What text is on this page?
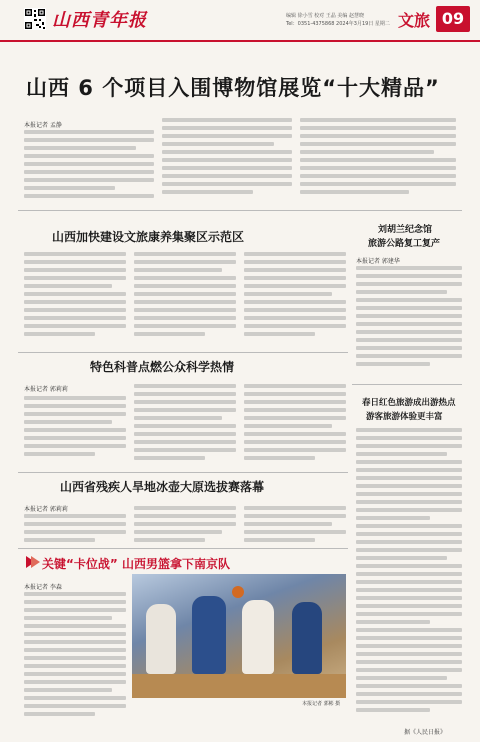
山西青年报	编辑 徐小雪 校对 王晶 美编 赵慧晓
Tel：0351-4375868 2024年3月19日 星期二 文旅 09
山西 6 个项目入围博物馆展览“十大精品”
本报记者 孟静
山西加快建设文旅康养集聚区示范区	刘胡兰纪念馆
旅游公路复工复产
本报记者 郭建华
特色科普点燃公众科学热情
本报记者 郭莉莉
春日红色旅游成出游热点
游客旅游体验更丰富
据《人民日报》
山西省残疾人旱地冰壶大原选拔赛落幕
本报记者 郭莉莉
关键“卡位战” 山西男篮拿下南京队
本报记者 李森
本报记者 郭彬 摄
